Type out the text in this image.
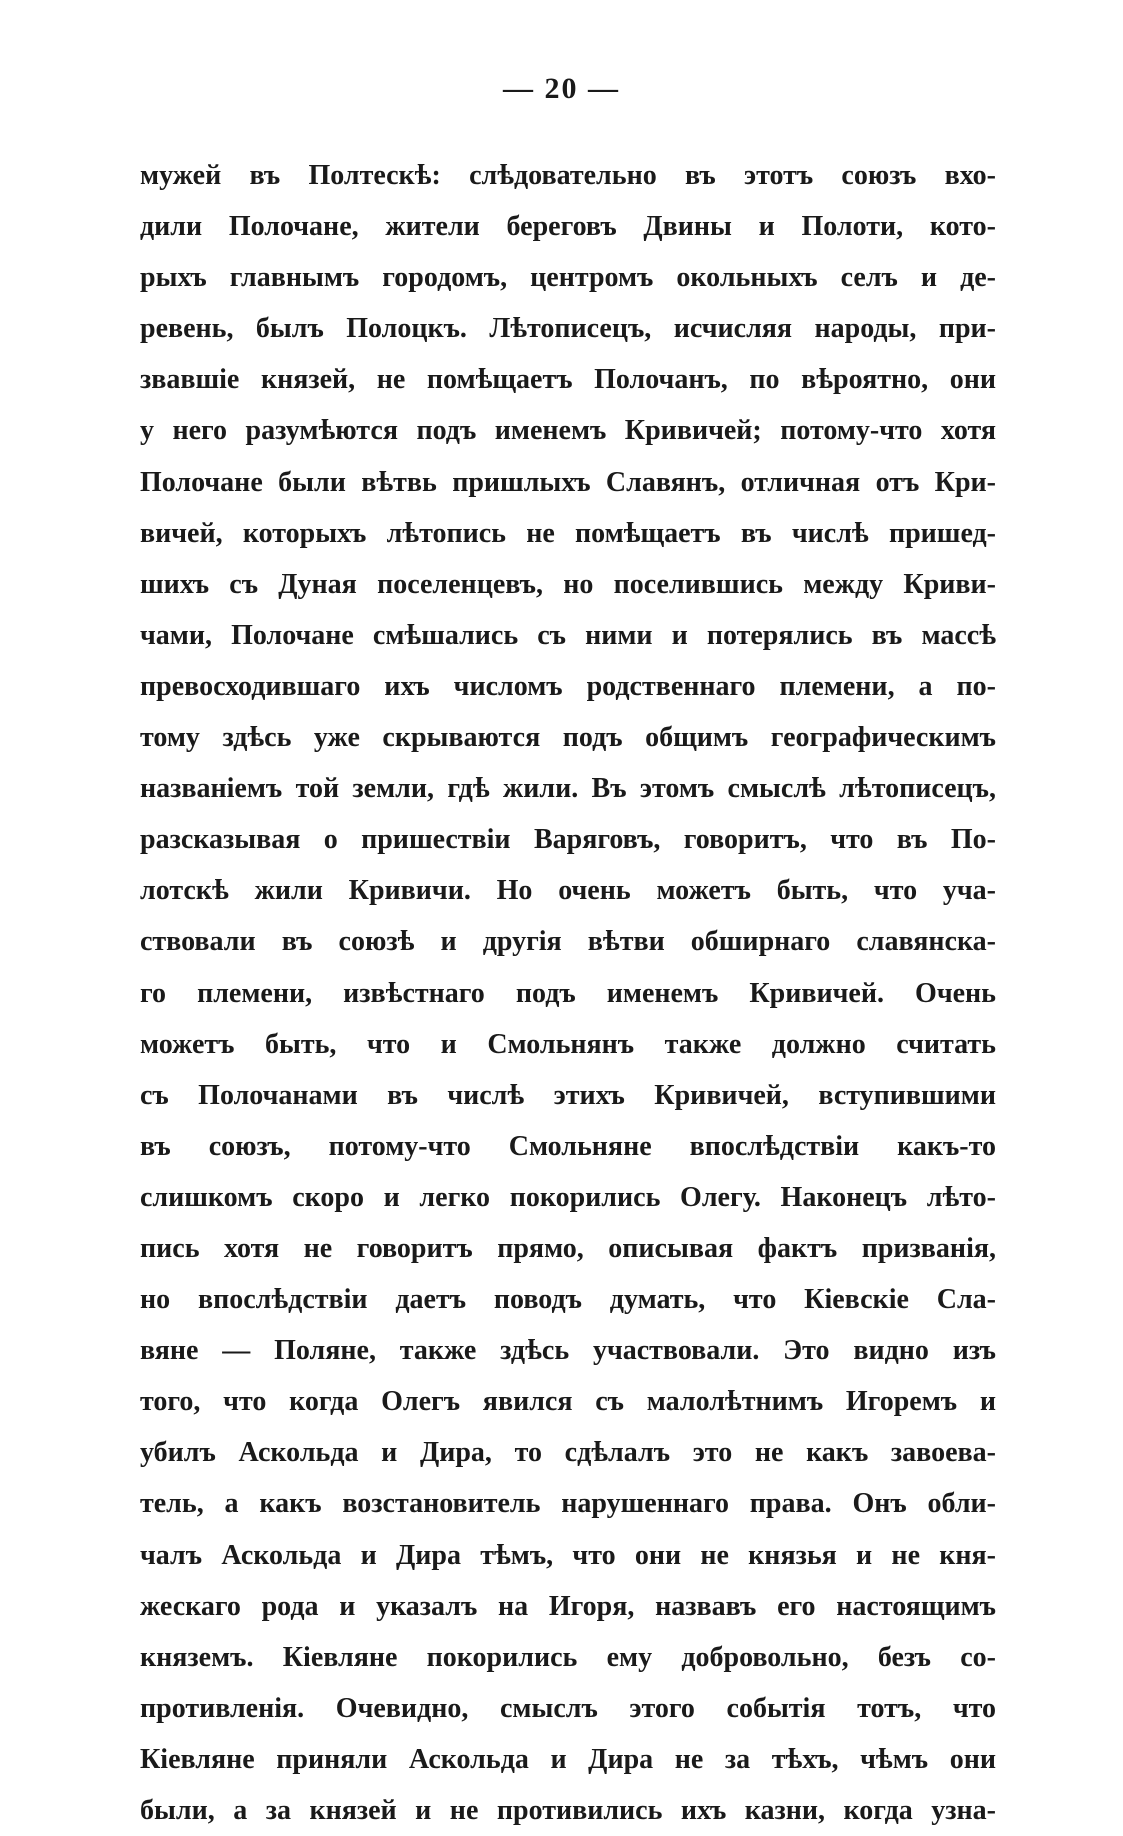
— 20 —
мужей въ Полтескѣ: слѣдовательно въ этотъ союзъ вхо-
дили Полочане, жители береговъ Двины и Полоти, кото-
рыхъ главнымъ городомъ, центромъ окольныхъ селъ и де-
ревень, былъ Полоцкъ. Лѣтописецъ, исчисляя народы, при-
звавшіе князей, не помѣщаетъ Полочанъ, по вѣроятно, они
у него разумѣются подъ именемъ Кривичей; потому-что хотя
Полочане были вѣтвь пришлыхъ Славянъ, отличная отъ Кри-
вичей, которыхъ лѣтопись не помѣщаетъ въ числѣ пришед-
шихъ съ Дуная поселенцевъ, но поселившись между Криви-
чами, Полочане смѣшались съ ними и потерялись въ массѣ
превосходившаго ихъ числомъ родственнаго племени, а по-
тому здѣсь уже скрываются подъ общимъ географическимъ
названіемъ той земли, гдѣ жили. Въ этомъ смыслѣ лѣтописецъ,
разсказывая о пришествіи Варяговъ, говоритъ, что въ По-
лотскѣ жили Кривичи. Но очень можетъ быть, что уча-
ствовали въ союзѣ и другія вѣтви обширнаго славянска-
го племени, извѣстнаго подъ именемъ Кривичей. Очень
можетъ быть, что и Смольнянъ также должно считать
съ Полочанами въ числѣ этихъ Кривичей, вступившими
въ союзъ, потому-что Смольняне впослѣдствіи какъ-то
слишкомъ скоро и легко покорились Олегу. Наконецъ лѣто-
пись хотя не говоритъ прямо, описывая фактъ призванія,
но впослѣдствіи даетъ поводъ думать, что Кіевскіе Сла-
вяне — Поляне, также здѣсь участвовали. Это видно изъ
того, что когда Олегъ явился съ малолѣтнимъ Игоремъ и
убилъ Аскольда и Дира, то сдѣлалъ это не какъ завоева-
тель, а какъ возстановитель нарушеннаго права. Онъ обли-
чалъ Аскольда и Дира тѣмъ, что они не князья и не кня-
жескаго рода и указалъ на Игоря, назвавъ его настоящимъ
княземъ. Кіевляне покорились ему добровольно, безъ со-
противленія. Очевидно, смыслъ этого событія тотъ, что
Кіевляне приняли Аскольда и Дира не за тѣхъ, чѣмъ они
были, а за князей и не противились ихъ казни, когда узна-
